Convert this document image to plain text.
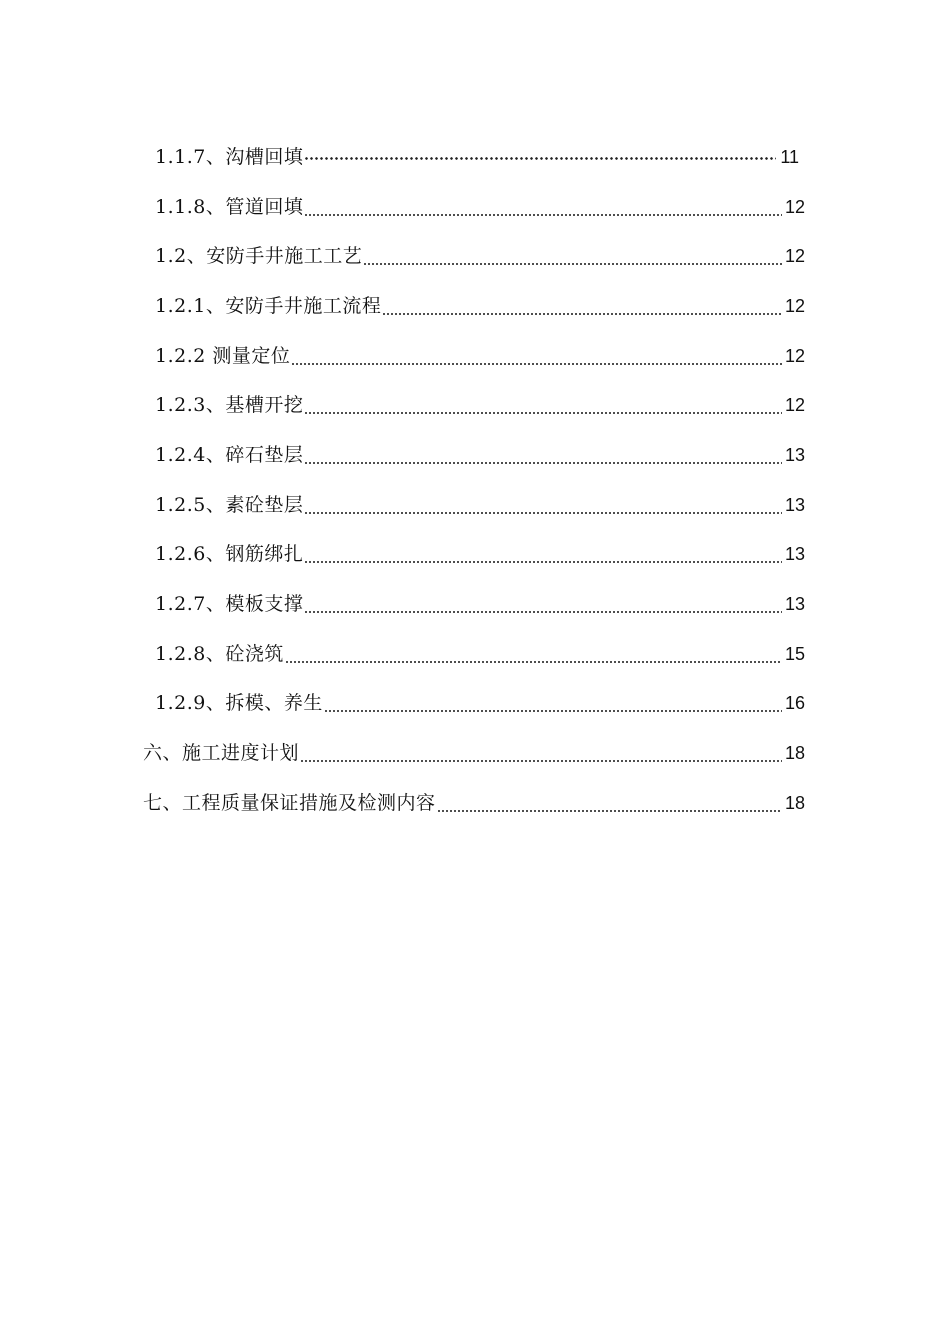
1.1.7、沟槽回填	11
1.1.8、管道回填	12
1.2、安防手井施工工艺	12
1.2.1、安防手井施工流程	12
1.2.2 测量定位	12
1.2.3、基槽开挖	12
1.2.4、碎石垫层	13
1.2.5、素砼垫层	13
1.2.6、钢筋绑扎	13
1.2.7、模板支撑	13
1.2.8、砼浇筑	15
1.2.9、拆模、养生	16
六、施工进度计划	18
七、工程质量保证措施及检测内容	18
